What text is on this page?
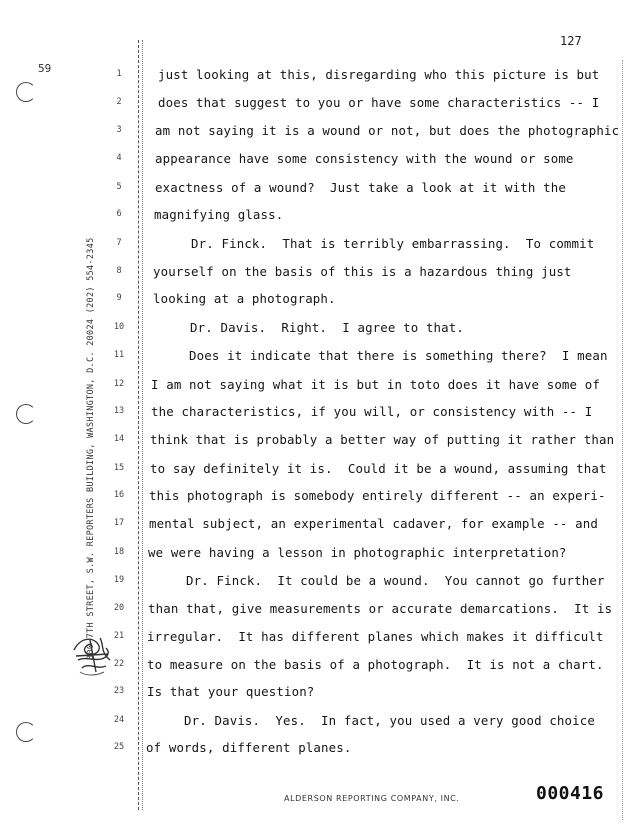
59
127
300 7TH STREET, S.W. REPORTERS BUILDING, WASHINGTON, D.C. 20024 (202) 554-2345
1
2
3
4
5
6
7
8
9
10
11
12
13
14
15
16
17
18
19
20
21
22
23
24
25
just looking at this, disregarding who this picture is but
does that suggest to you or have some characteristics -- I
am not saying it is a wound or not, but does the photographic
appearance have some consistency with the wound or some
exactness of a wound?  Just take a look at it with the
magnifying glass.
Dr. Finck.  That is terribly embarrassing.  To commit
yourself on the basis of this is a hazardous thing just
looking at a photograph.
Dr. Davis.  Right.  I agree to that.
Does it indicate that there is something there?  I mean
I am not saying what it is but in toto does it have some of
the characteristics, if you will, or consistency with -- I
think that is probably a better way of putting it rather than
to say definitely it is.  Could it be a wound, assuming that
this photograph is somebody entirely different -- an experi-
mental subject, an experimental cadaver, for example -- and
we were having a lesson in photographic interpretation?
Dr. Finck.  It could be a wound.  You cannot go further
than that, give measurements or accurate demarcations.  It is
irregular.  It has different planes which makes it difficult
to measure on the basis of a photograph.  It is not a chart.
Is that your question?
Dr. Davis.  Yes.  In fact, you used a very good choice
of words, different planes.
ALDERSON REPORTING COMPANY, INC.	000416
